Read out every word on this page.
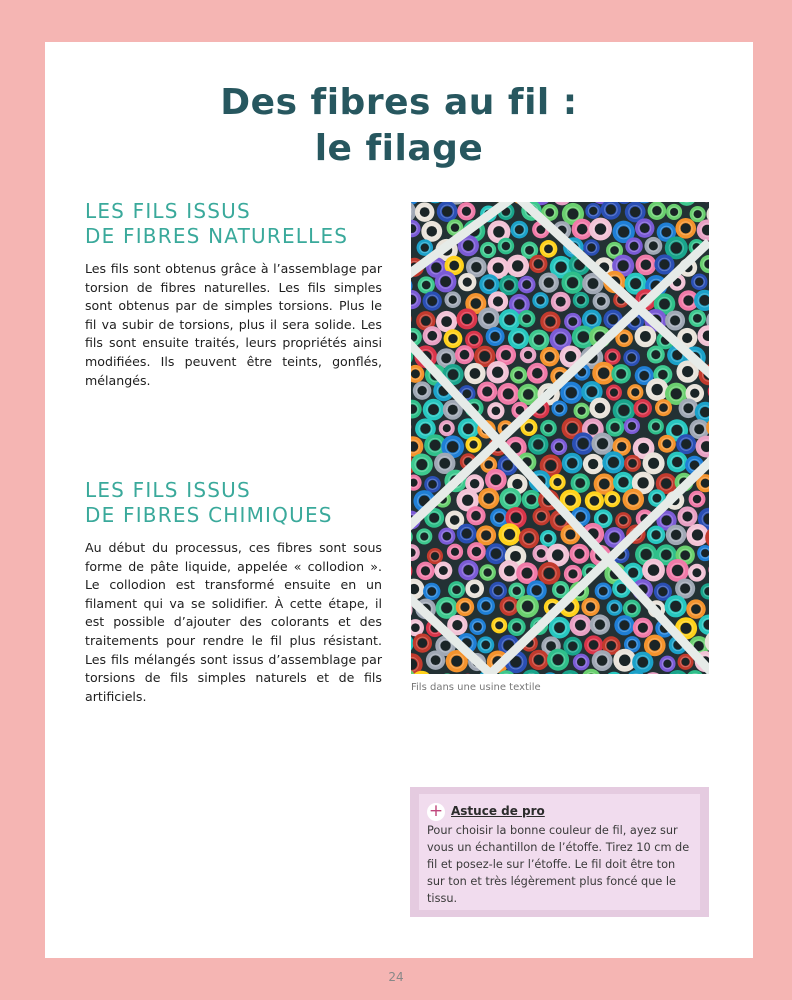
Des fibres au fil :
le filage
LES FILS ISSUS
DE FIBRES NATURELLES

Les fils sont obtenus grâce à l’assemblage par torsion de fibres naturelles. Les fils simples sont obtenus par de simples torsions. Plus le fil va subir de torsions, plus il sera solide. Les fils sont ensuite traités, leurs propriétés ainsi modifiées. Ils peuvent être teints, gonflés, mélangés.

LES FILS ISSUS
DE FIBRES CHIMIQUES

Au début du processus, ces fibres sont sous forme de pâte liquide, appelée « collodion ». Le collodion est transformé ensuite en un filament qui va se solidifier. À cette étape, il est possible d’ajouter des colorants et des traitements pour rendre le fil plus résistant. Les fils mélangés sont issus d’assemblage par torsions de fils simples naturels et de fils artificiels.

Fils dans une usine textile
+ Astuce de pro

Pour choisir la bonne couleur de fil, ayez sur vous un échantillon de l’étoffe. Tirez 10 cm de fil et posez-le sur l’étoffe. Le fil doit être ton sur ton et très légèrement plus foncé que le tissu.

24
